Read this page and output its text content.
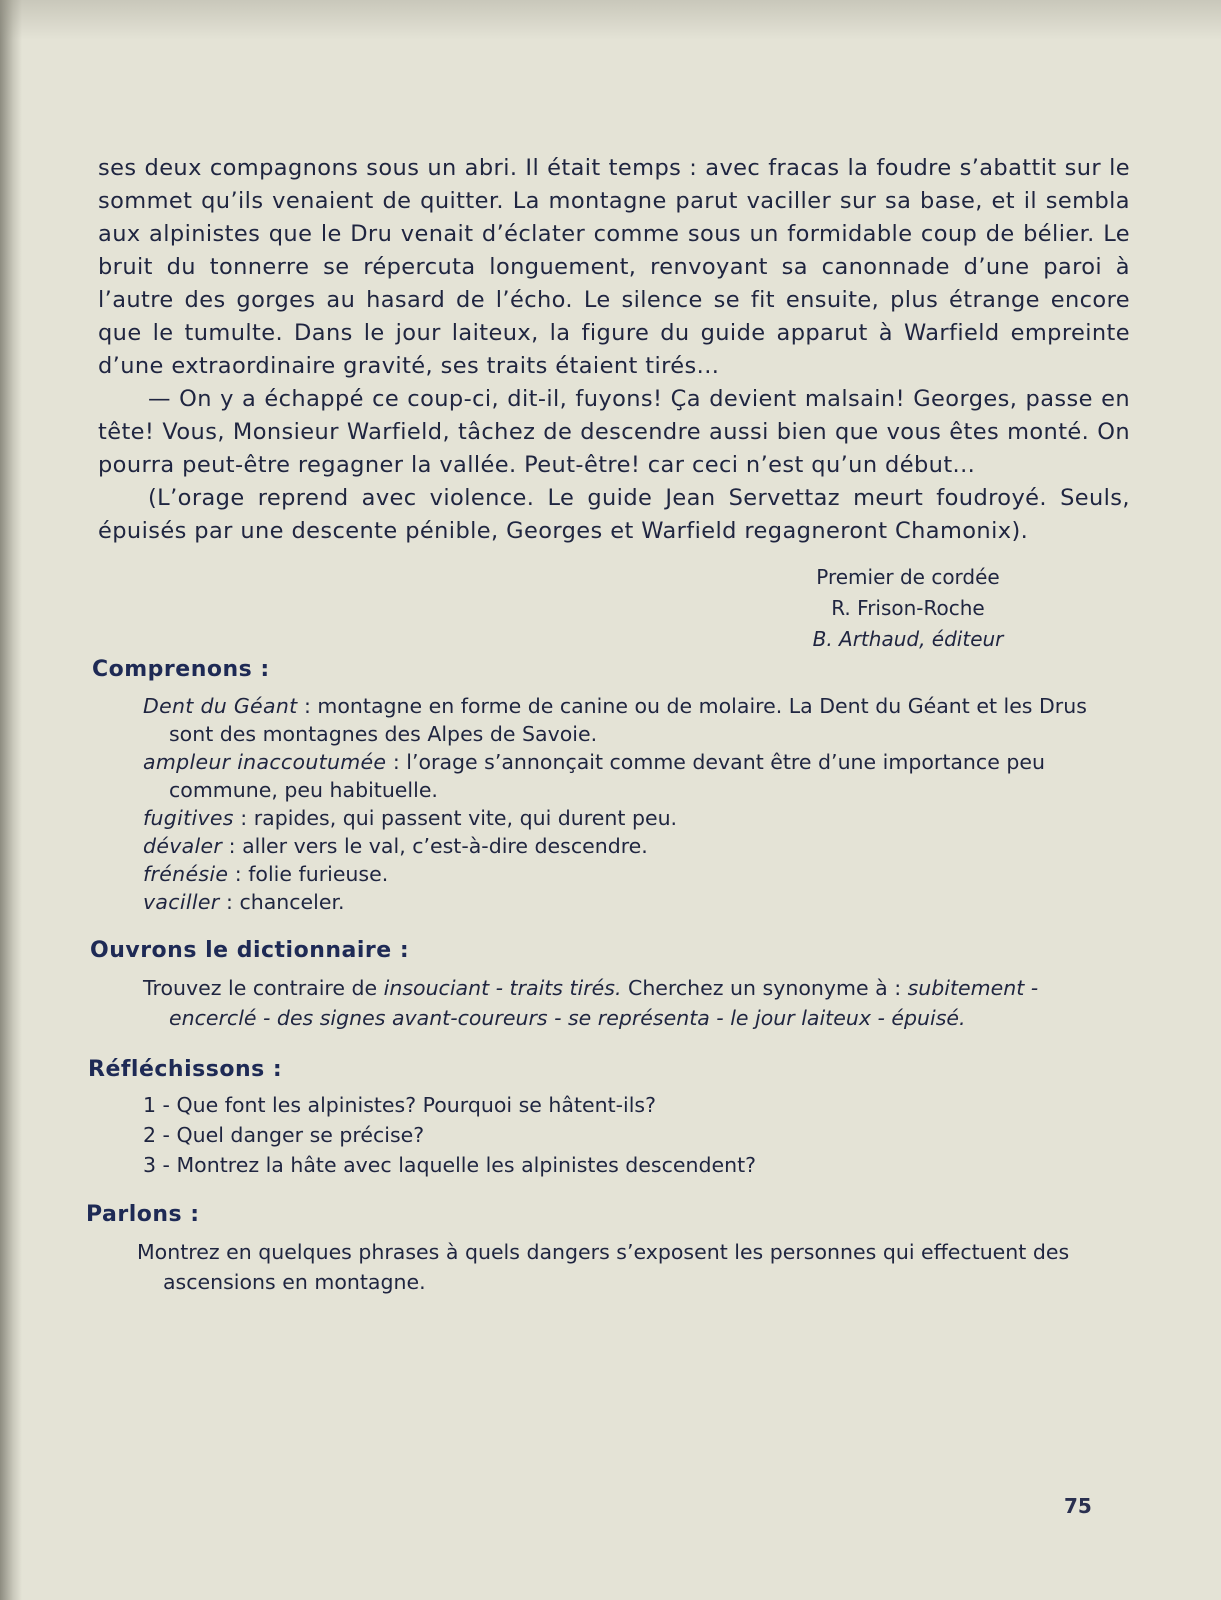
ses deux compagnons sous un abri. Il était temps : avec fracas la foudre s’abattit sur le sommet qu’ils venaient de quitter. La montagne parut vaciller sur sa base, et il sembla aux alpinistes que le Dru venait d’éclater comme sous un formidable coup de bélier. Le bruit du tonnerre se répercuta longuement, renvoyant sa canonnade d’une paroi à l’autre des gorges au hasard de l’écho. Le silence se fit ensuite, plus étrange encore que le tumulte. Dans le jour laiteux, la figure du guide apparut à Warfield empreinte d’une extraordinaire gravité, ses traits étaient tirés...

— On y a échappé ce coup-ci, dit-il, fuyons! Ça devient malsain! Georges, passe en tête! Vous, Monsieur Warfield, tâchez de descendre aussi bien que vous êtes monté. On pourra peut-être regagner la vallée. Peut-être! car ceci n’est qu’un début...

(L’orage reprend avec violence. Le guide Jean Servettaz meurt foudroyé. Seuls, épuisés par une descente pénible, Georges et Warfield regagneront Chamonix).

Premier de cordée
R. Frison-Roche
B. Arthaud, éditeur
Comprenons :
Dent du Géant : montagne en forme de canine ou de molaire. La Dent du Géant et les Drus sont des montagnes des Alpes de Savoie.
ampleur inaccoutumée : l’orage s’annonçait comme devant être d’une importance peu commune, peu habituelle.
fugitives : rapides, qui passent vite, qui durent peu.
dévaler : aller vers le val, c’est-à-dire descendre.
frénésie : folie furieuse.
vaciller : chanceler.
Ouvrons le dictionnaire :
Trouvez le contraire de insouciant - traits tirés. Cherchez un synonyme à : subitement - encerclé - des signes avant-coureurs - se représenta - le jour laiteux - épuisé.
Réfléchissons :
1 - Que font les alpinistes? Pourquoi se hâtent-ils?
2 - Quel danger se précise?
3 - Montrez la hâte avec laquelle les alpinistes descendent?
Parlons :
Montrez en quelques phrases à quels dangers s’exposent les personnes qui effectuent des ascensions en montagne.
75
